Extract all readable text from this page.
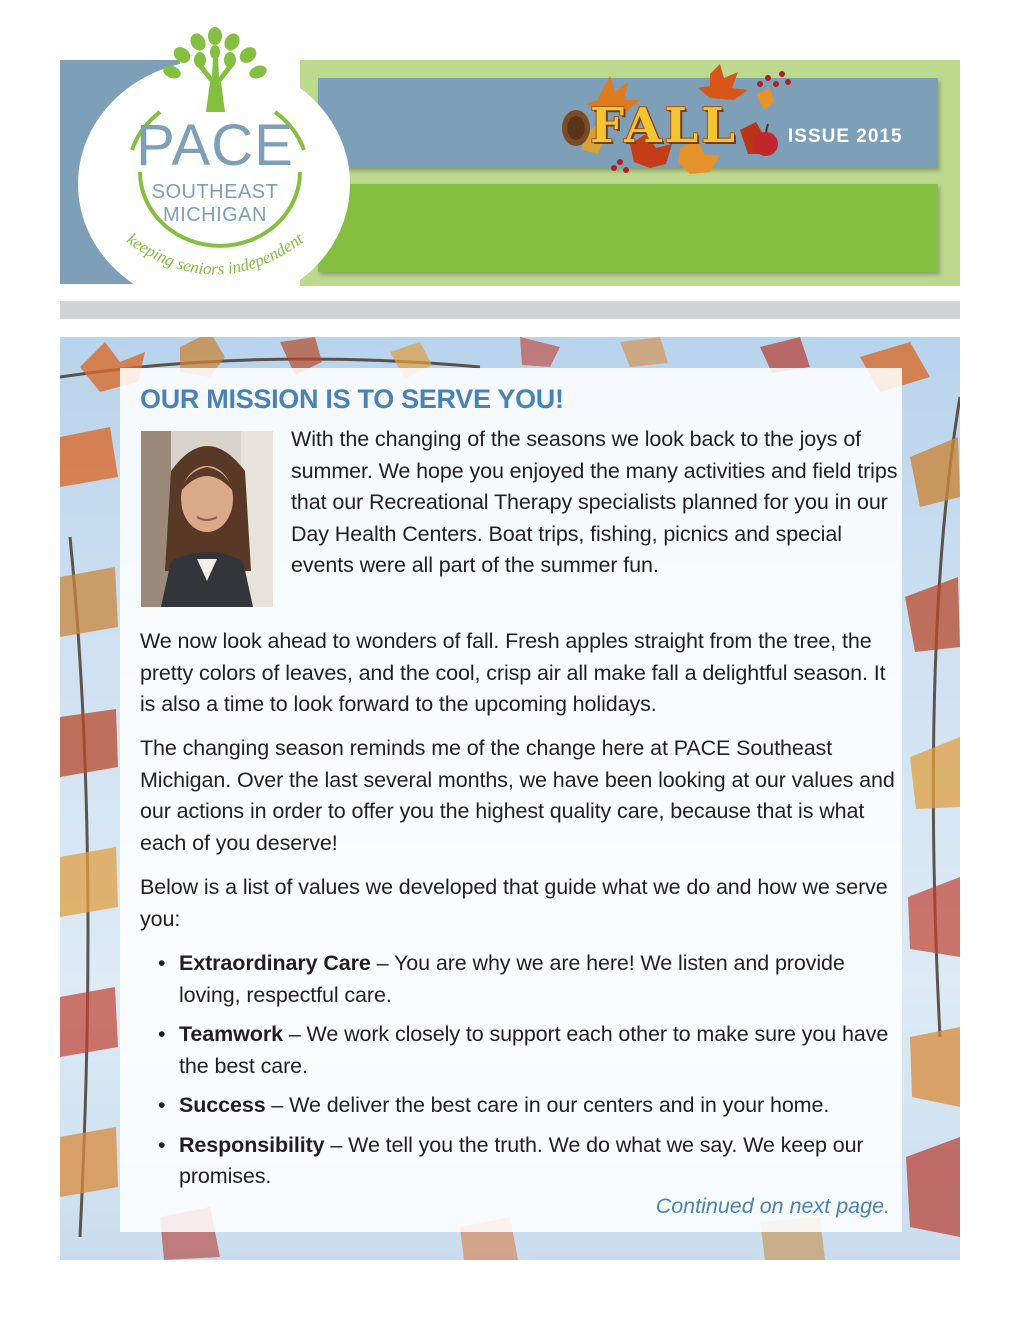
keeping seniors independent
PACE
SOUTHEAST
MICHIGAN
FALL	ISSUE 2015
OUR MISSION IS TO SERVE YOU!

With the changing of the seasons we look back to the joys of summer. We hope you enjoyed the many activities and field trips that our Recreational Therapy specialists planned for you in our Day Health Centers. Boat trips, fishing, picnics and special events were all part of the summer fun.

We now look ahead to wonders of fall. Fresh apples straight from the tree, the pretty colors of leaves, and the cool, crisp air all make fall a delightful season. It is also a time to look forward to the upcoming holidays.

The changing season reminds me of the change here at PACE Southeast Michigan. Over the last several months, we have been looking at our values and our actions in order to offer you the highest quality care, because that is what each of you deserve!

Below is a list of values we developed that guide what we do and how we serve you:

• Extraordinary Care – You are why we are here! We listen and provide loving, respectful care.
• Teamwork – We work closely to support each other to make sure you have the best care.
• Success – We deliver the best care in our centers and in your home.
• Responsibility – We tell you the truth. We do what we say. We keep our promises.
Continued on next page.
